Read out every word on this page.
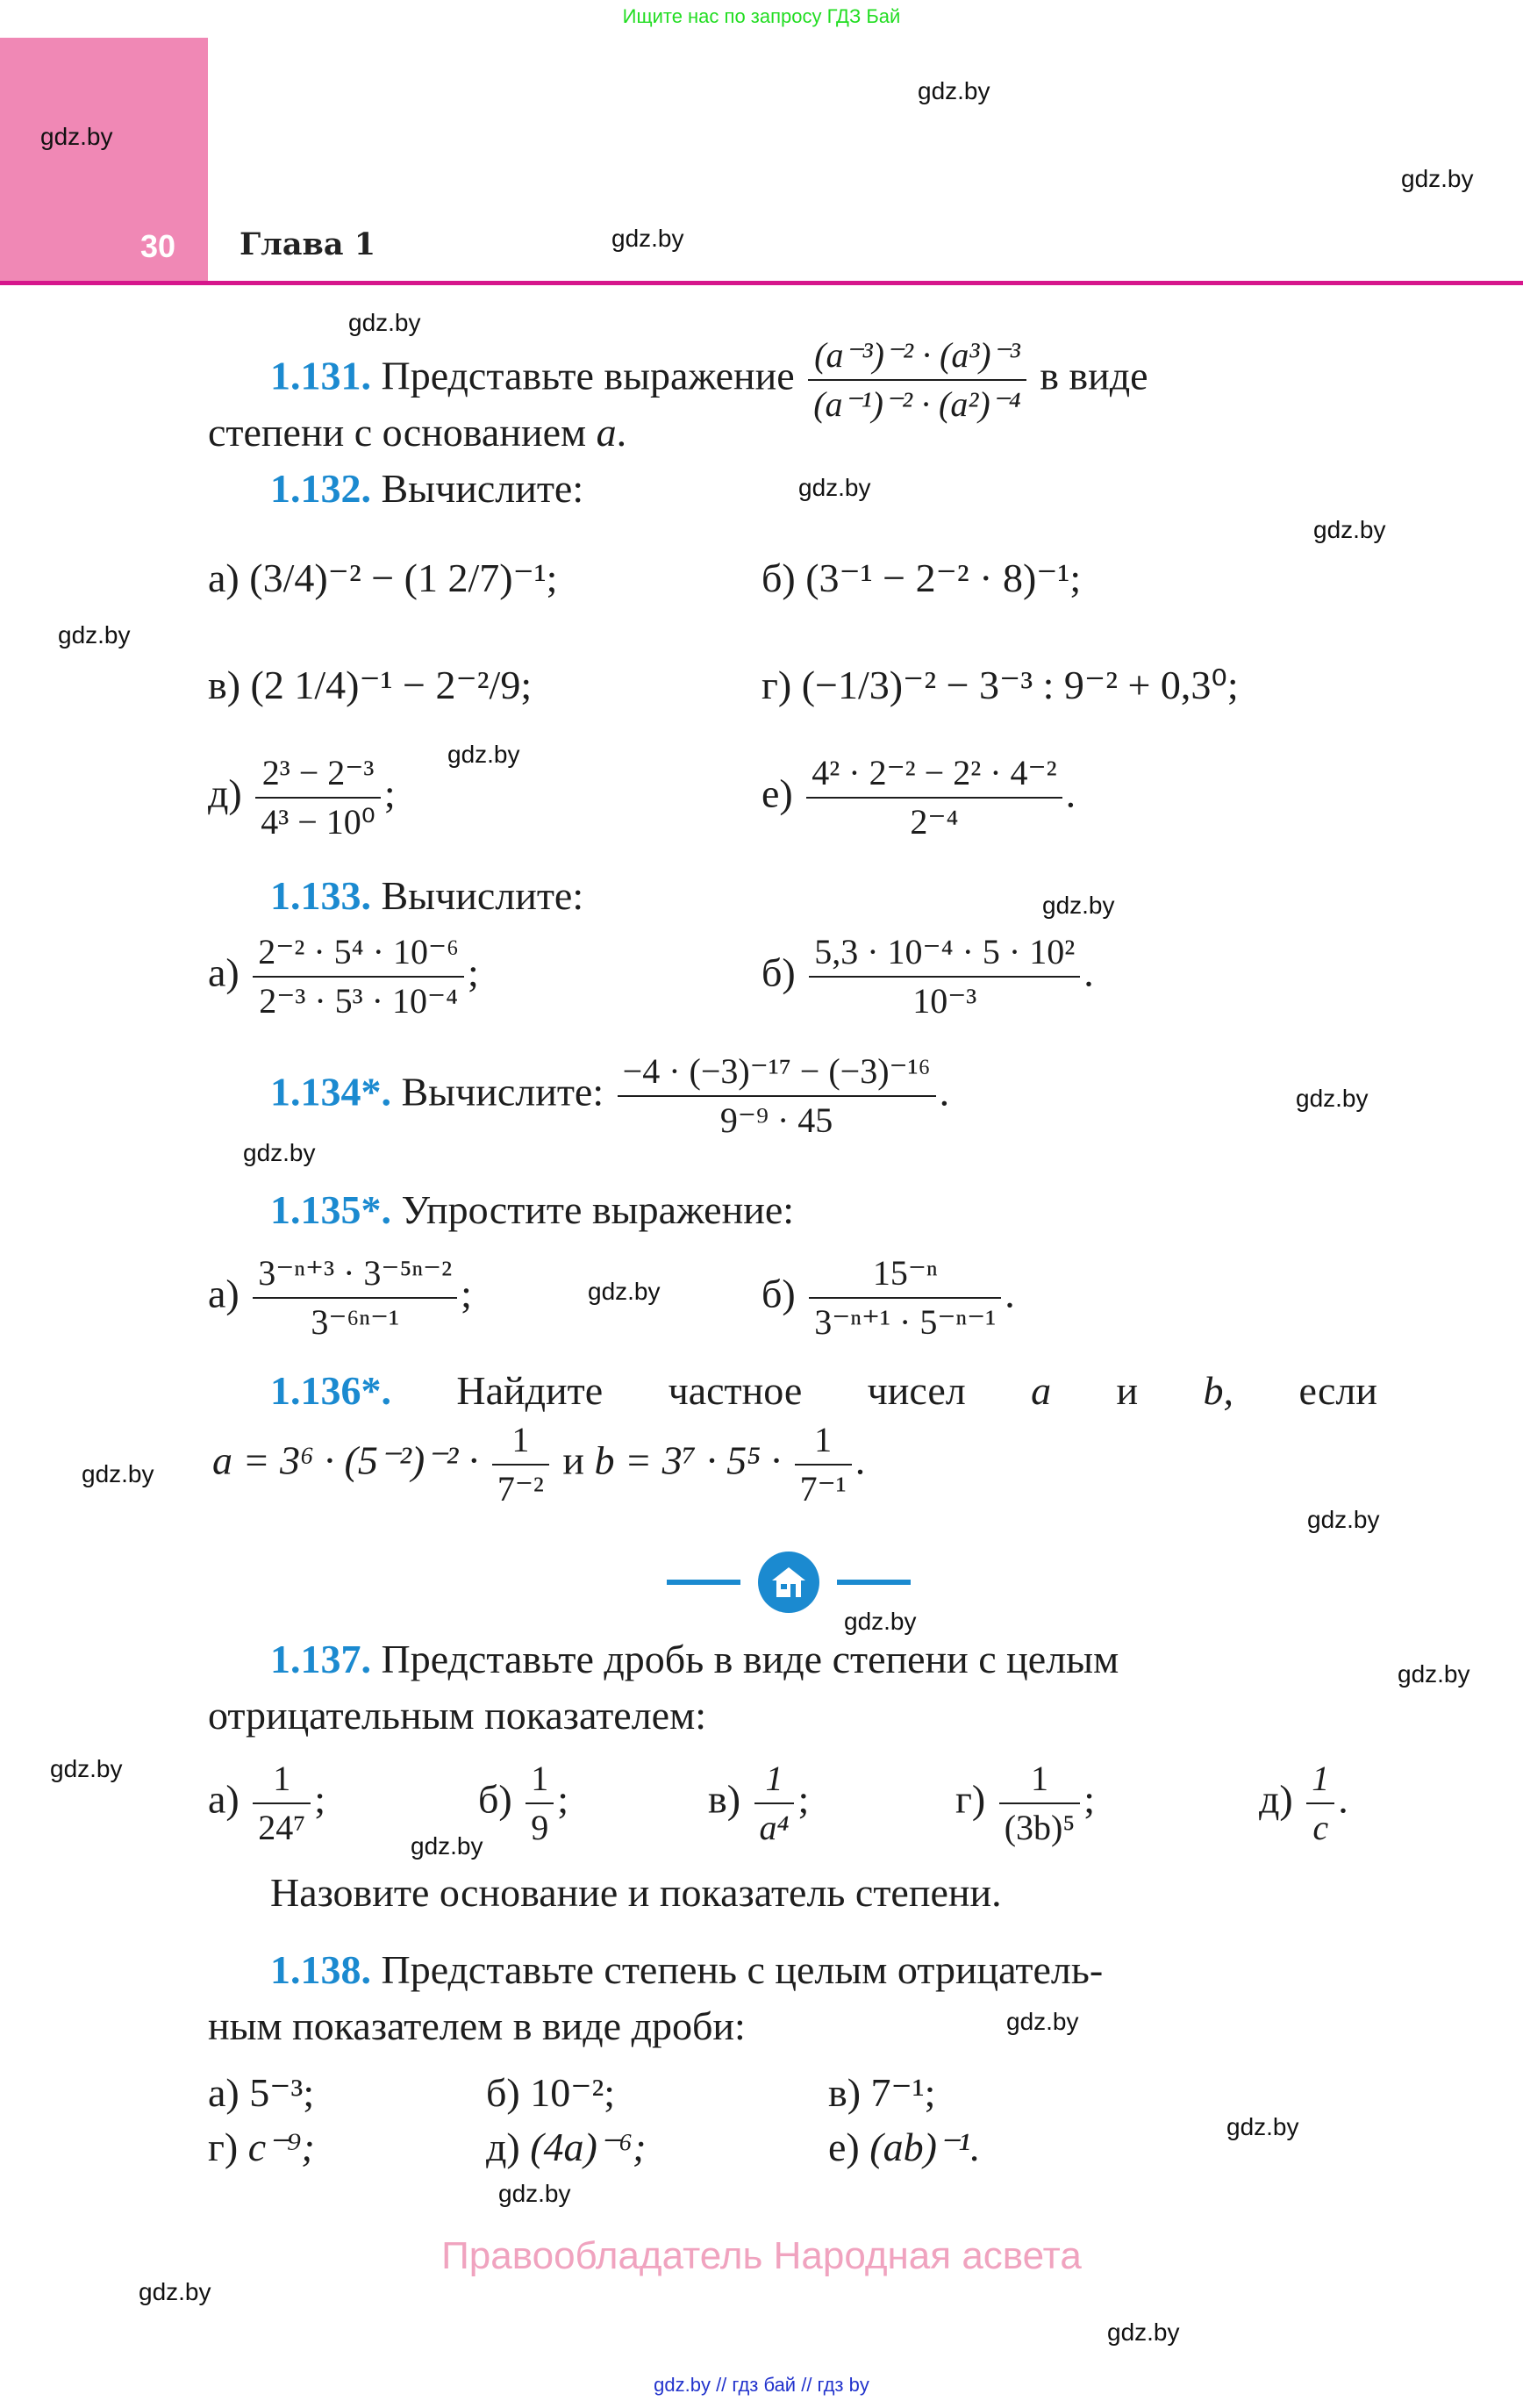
Ищите нас по запросу ГДЗ Бай
30 Глава 1
gdz.by
gdz.by
gdz.by
gdz.by
gdz.by
gdz.by
gdz.by
gdz.by
gdz.by
gdz.by
gdz.by
gdz.by
gdz.by
gdz.by
gdz.by
gdz.by
gdz.by
gdz.by
gdz.by
gdz.by
gdz.by
gdz.by
gdz.by
gdz.by
1.131. Представьте выражение $\frac{\text{(a⁻³)⁻² · (a³)⁻³}}{\text{(a⁻¹)⁻² · (a²)⁻⁴}}$ в виде
степени с основанием a.
1.132. Вычислите:
а) (3/4)⁻² − (1 2/7)⁻¹;	б) (3⁻¹ − 2⁻² · 8)⁻¹;
в) (2 1/4)⁻¹ − 2⁻²/9;	г) (−1/3)⁻² − 3⁻³ : 9⁻² + 0,3⁰;
$д) \frac{\text{2³ − 2⁻³}}{\text{4³ − 10⁰}}$ ;	$е) \frac{\text{4² · 2⁻² − 2² · 4⁻²}}{\text{2⁻⁴}}$ .
1.133. Вычислите:
$а) \frac{\text{2⁻² · 5⁴ · 10⁻⁶}}{\text{2⁻³ · 5³ · 10⁻⁴}}$ ;	$б) \frac{\text{5,3 · 10⁻⁴ · 5 · 10²}}{\text{10⁻³}}$ .
1.134*. Вычислите: $\frac{\text{−4 · (−3)⁻¹⁷ − (−3)⁻¹⁶}}{\text{9⁻⁹ · 45}}$ .
1.135*. Упростите выражение:
$а) \frac{\text{3⁻ⁿ⁺³ · 3⁻⁵ⁿ⁻²}}{\text{3⁻⁶ⁿ⁻¹}}$ ;	$б) \frac{\text{15⁻ⁿ}}{\text{3⁻ⁿ⁺¹ · 5⁻ⁿ⁻¹}}$ .
1.136*. Найдите частное чисел a и b, если
$a = 3^6 \cdot (5^{-2})^{-2} \cdot \frac{1}{\text{7⁻²}}$ и $b = 3^7 \cdot 5^5 \cdot \frac{1}{\text{7⁻¹}}$ .
1.137. Представьте дробь в виде степени с целым
отрицательным показателем:
$а) \frac{1}{\text{24⁷}}$ ;	$б) \frac{1}{9}$ ;	$в) \frac{1}{\text{a⁴}}$ ;	$г) \frac{1}{\text{(3b)⁵}}$ ;	$д) \frac{1}{c}$ .
Назовите основание и показатель степени.
1.138. Представьте степень с целым отрицатель-
ным показателем в виде дроби:
а) 5⁻³;	б) 10⁻²;	в) 7⁻¹;
г) c⁻⁹;	д) (4a)⁻⁶;	е) (ab)⁻¹.
Правообладатель Народная асвета
gdz.by // гдз бай // гдз by
